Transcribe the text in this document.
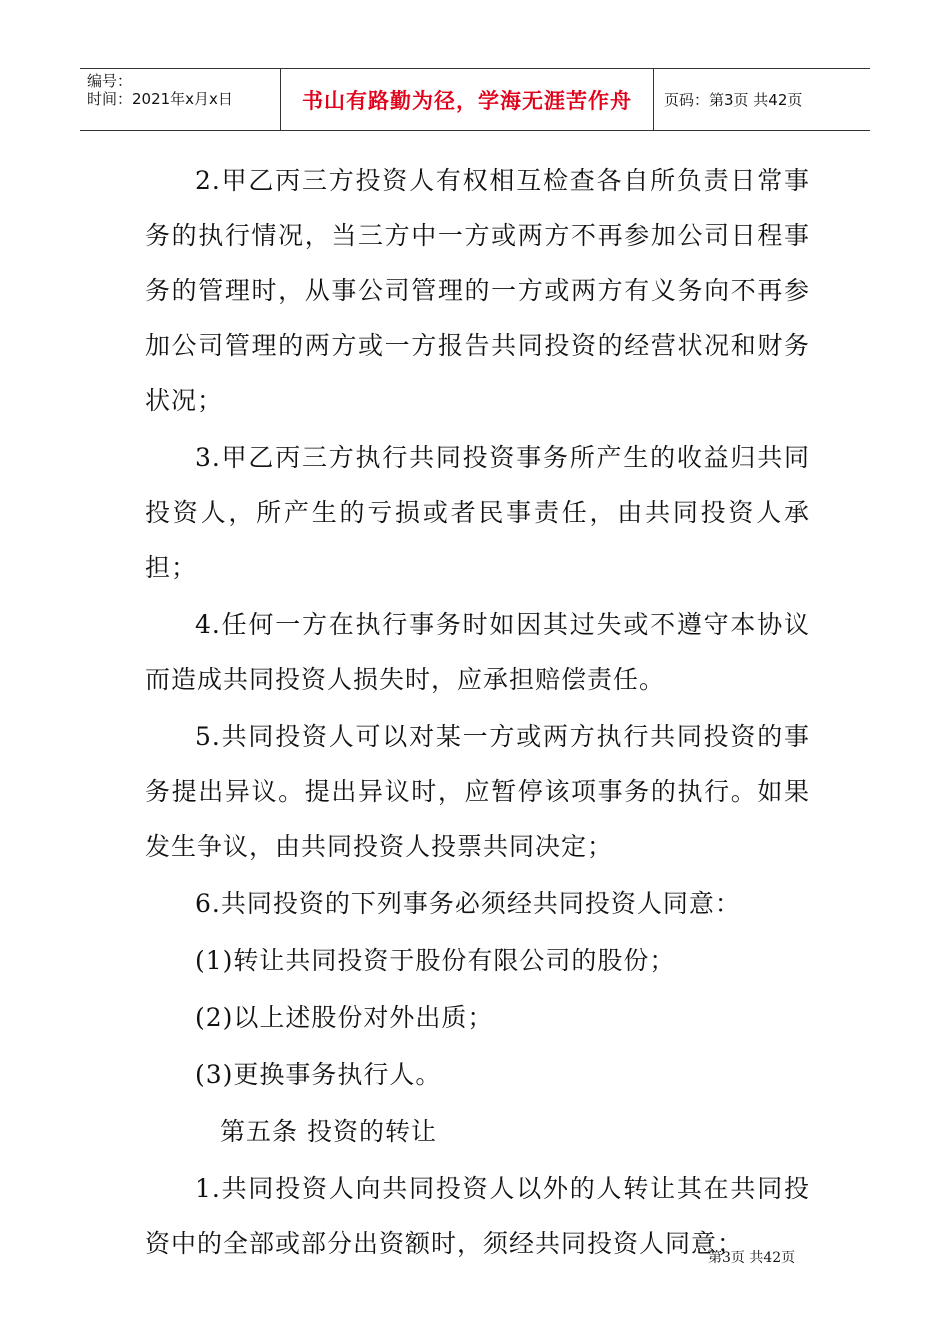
编号：
时间：2021年x月x日	书山有路勤为径，学海无涯苦作舟	页码：第3页 共42页

2.甲乙丙三方投资人有权相互检查各自所负责日常事务的执行情况，当三方中一方或两方不再参加公司日程事务的管理时，从事公司管理的一方或两方有义务向不再参加公司管理的两方或一方报告共同投资的经营状况和财务状况；

3.甲乙丙三方执行共同投资事务所产生的收益归共同投资人，所产生的亏损或者民事责任，由共同投资人承担；

4.任何一方在执行事务时如因其过失或不遵守本协议而造成共同投资人损失时，应承担赔偿责任。

5.共同投资人可以对某一方或两方执行共同投资的事务提出异议。提出异议时，应暂停该项事务的执行。如果发生争议，由共同投资人投票共同决定；

6.共同投资的下列事务必须经共同投资人同意：

(1)转让共同投资于股份有限公司的股份；

(2)以上述股份对外出质；

(3)更换事务执行人。

第五条 投资的转让

1.共同投资人向共同投资人以外的人转让其在共同投资中的全部或部分出资额时，须经共同投资人同意；

第3页 共42页
